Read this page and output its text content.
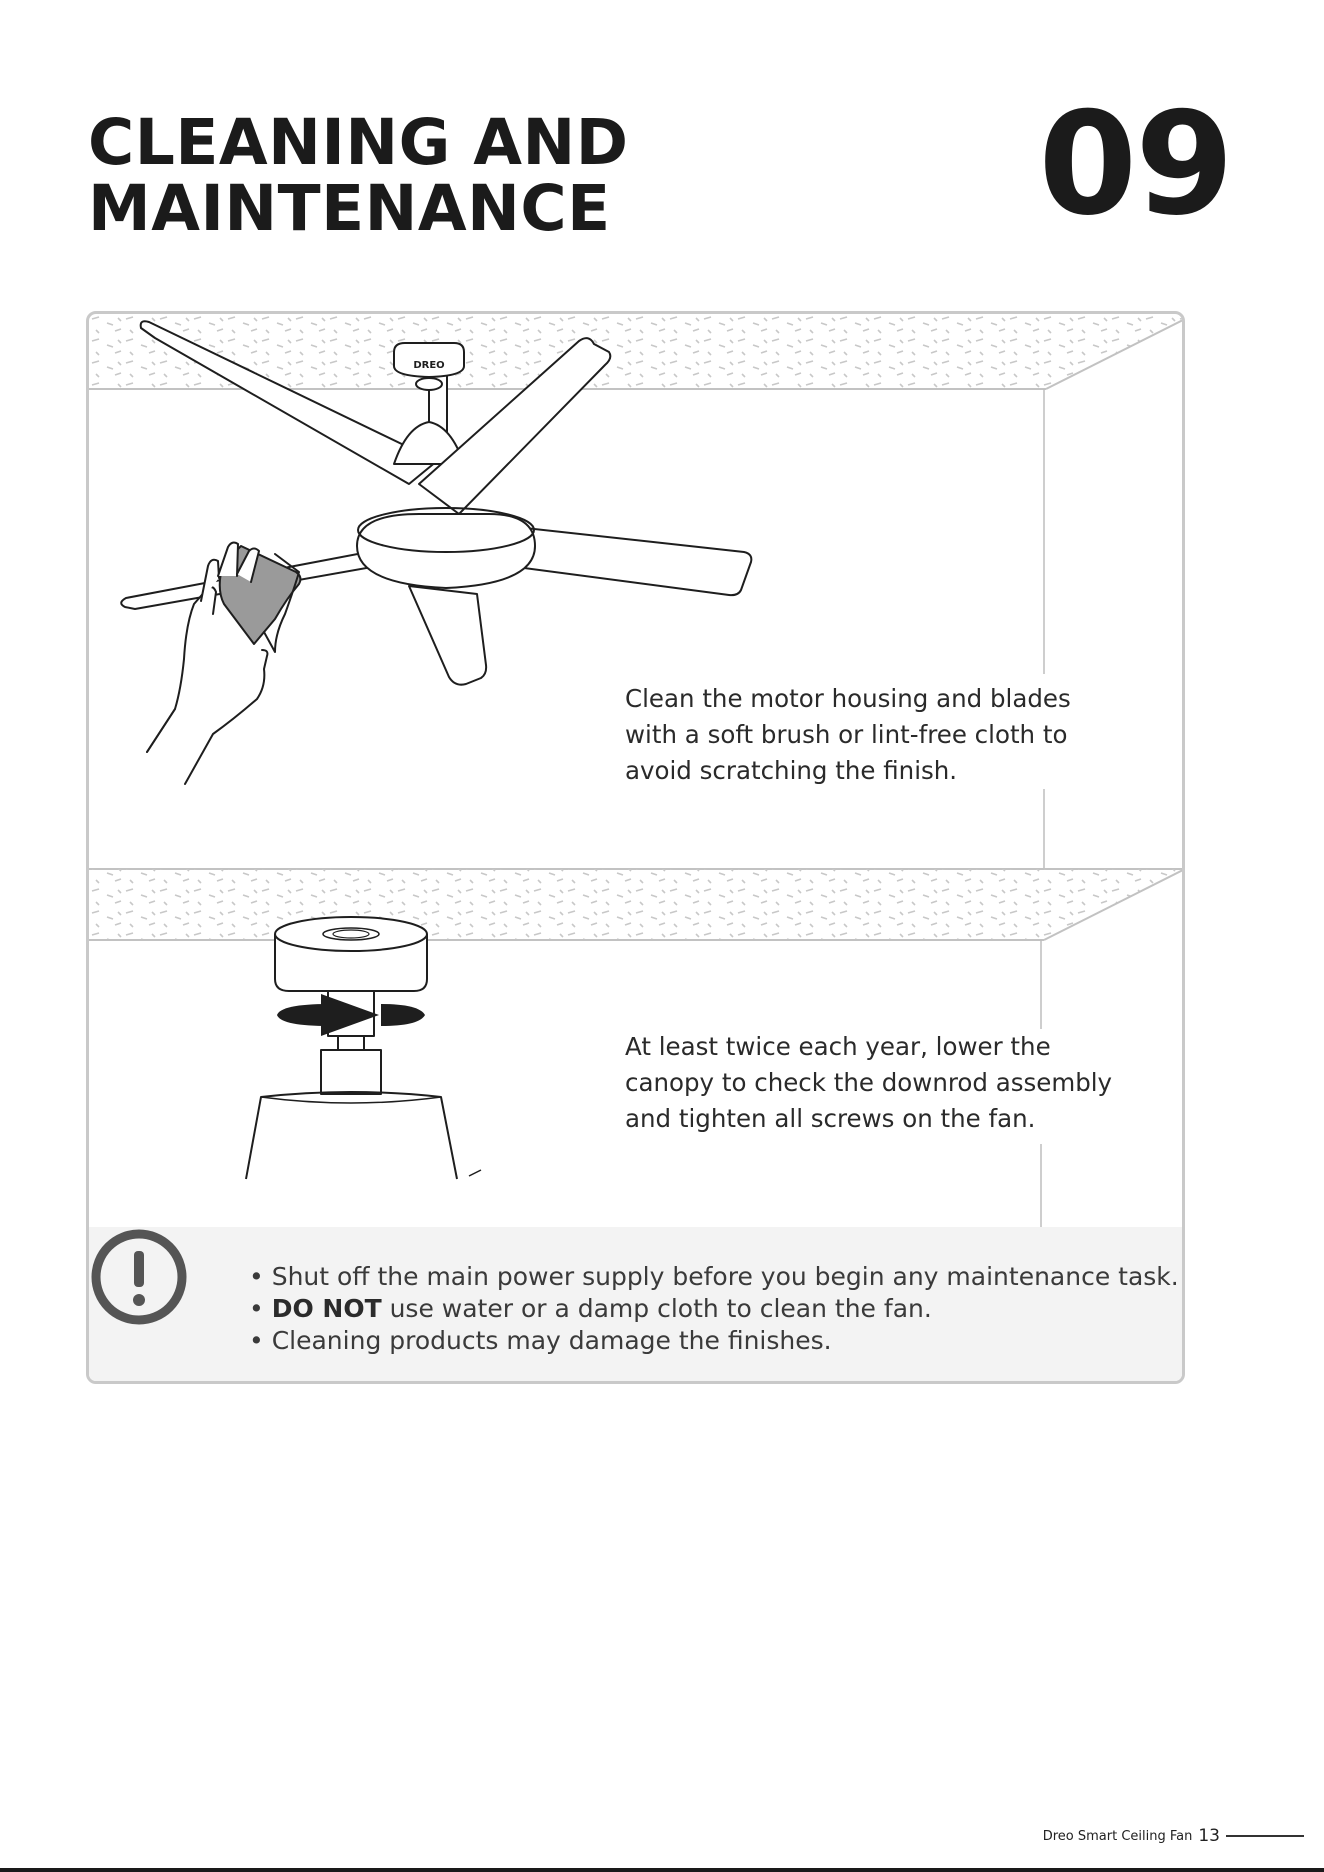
CLEANING AND
MAINTENANCE	09
DREO

Clean the motor housing and blades
with a soft brush or lint-free cloth to
avoid scratching the finish.

At least twice each year, lower the
canopy to check the downrod assembly
and tighten all screws on the fan.

• Shut off the main power supply before you begin any maintenance task.
• DO NOT use water or a damp cloth to clean the fan.
• Cleaning products may damage the finishes.
Dreo Smart Ceiling Fan 13
